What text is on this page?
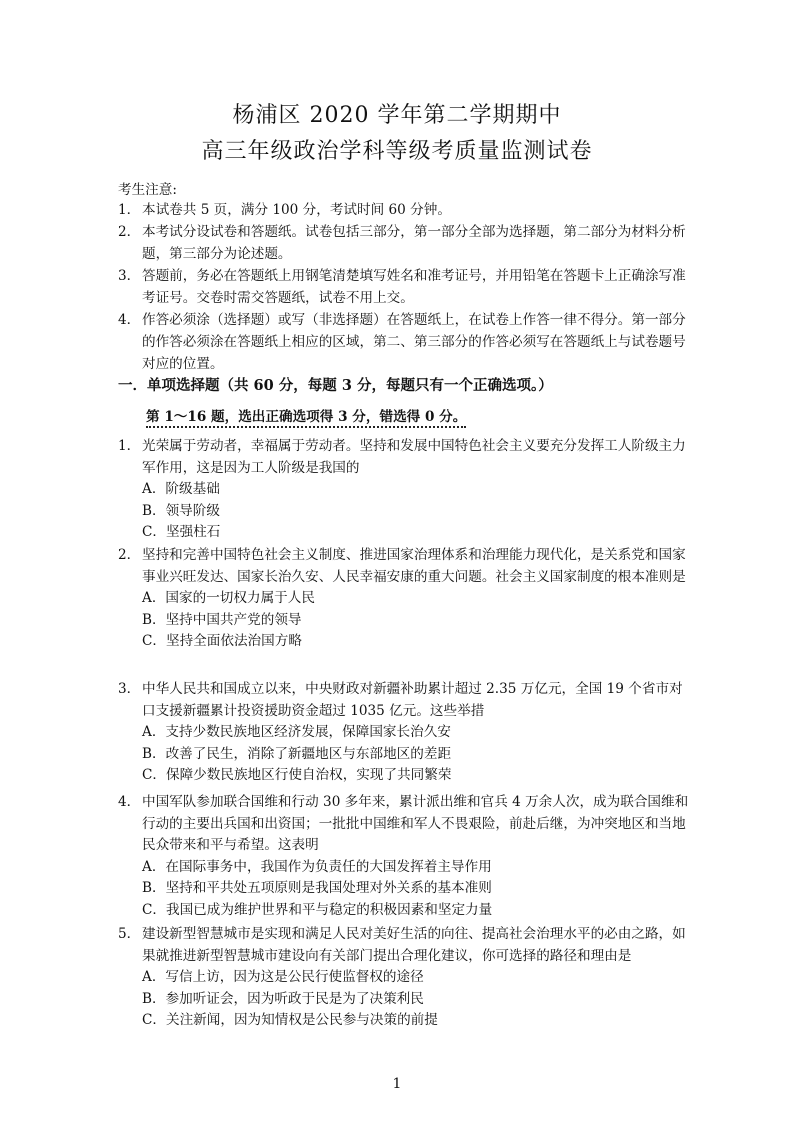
杨浦区 2020 学年第二学期期中
高三年级政治学科等级考质量监测试卷
考生注意:
1． 本试卷共 5 页，满分 100 分，考试时间 60 分钟。
2． 本考试分设试卷和答题纸。试卷包括三部分，第一部分全部为选择题，第二部分为材料分析题，第三部分为论述题。
3． 答题前，务必在答题纸上用钢笔清楚填写姓名和准考证号，并用铅笔在答题卡上正确涂写准考证号。交卷时需交答题纸，试卷不用上交。
4． 作答必须涂（选择题）或写（非选择题）在答题纸上，在试卷上作答一律不得分。第一部分的作答必须涂在答题纸上相应的区域，第二、第三部分的作答必须写在答题纸上与试卷题号对应的位置。
一．单项选择题（共 60 分，每题 3 分，每题只有一个正确选项。）
第 1～16 题，选出正确选项得 3 分，错选得 0 分。
1． 光荣属于劳动者，幸福属于劳动者。坚持和发展中国特色社会主义要充分发挥工人阶级主力军作用，这是因为工人阶级是我国的
A．阶级基础
B．领导阶级
C．坚强柱石
2． 坚持和完善中国特色社会主义制度、推进国家治理体系和治理能力现代化，是关系党和国家事业兴旺发达、国家长治久安、人民幸福安康的重大问题。社会主义国家制度的根本准则是
A．国家的一切权力属于人民
B．坚持中国共产党的领导
C．坚持全面依法治国方略
3． 中华人民共和国成立以来，中央财政对新疆补助累计超过 2.35 万亿元，全国 19 个省市对口支援新疆累计投资援助资金超过 1035 亿元。这些举措
A．支持少数民族地区经济发展，保障国家长治久安
B．改善了民生，消除了新疆地区与东部地区的差距
C．保障少数民族地区行使自治权，实现了共同繁荣
4． 中国军队参加联合国维和行动 30 多年来，累计派出维和官兵 4 万余人次，成为联合国维和行动的主要出兵国和出资国；一批批中国维和军人不畏艰险，前赴后继，为冲突地区和当地民众带来和平与希望。这表明
A．在国际事务中，我国作为负责任的大国发挥着主导作用
B．坚持和平共处五项原则是我国处理对外关系的基本准则
C．我国已成为维护世界和平与稳定的积极因素和坚定力量
5． 建设新型智慧城市是实现和满足人民对美好生活的向往、提高社会治理水平的必由之路，如果就推进新型智慧城市建设向有关部门提出合理化建议，你可选择的路径和理由是
A．写信上访，因为这是公民行使监督权的途径
B．参加听证会，因为听政于民是为了决策利民
C．关注新闻，因为知情权是公民参与决策的前提
1
